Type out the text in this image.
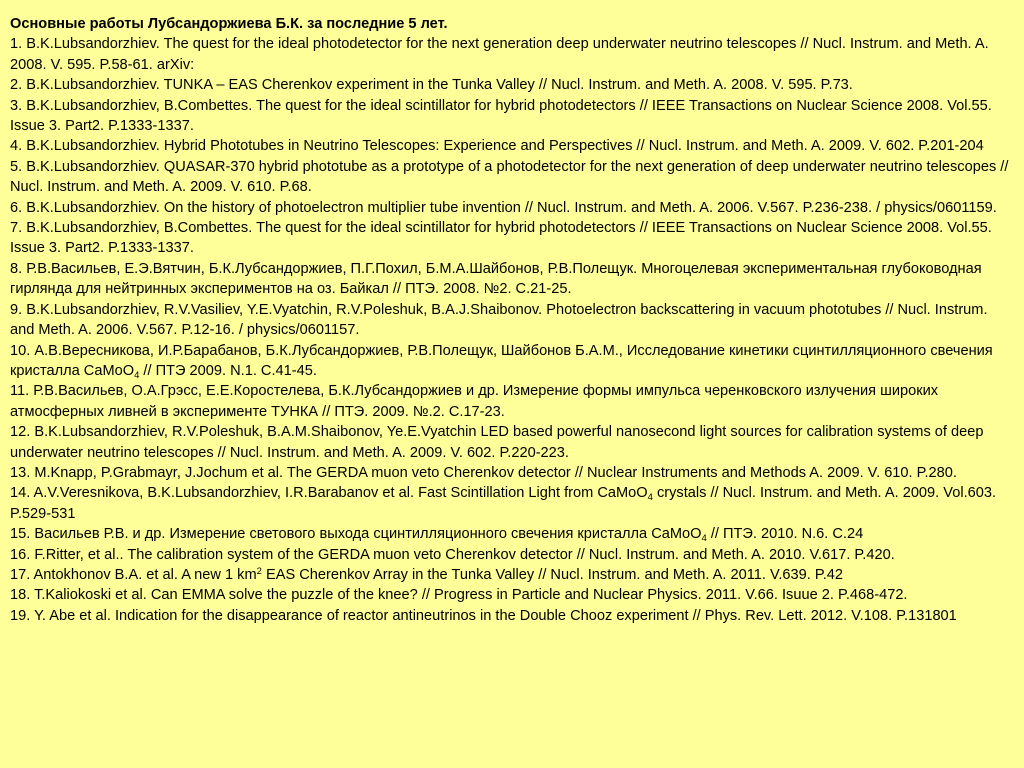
Основные работы Лубсандоржиева Б.К. за последние 5 лет.
1. B.K.Lubsandorzhiev. The quest for the ideal photodetector for the next generation deep underwater neutrino telescopes // Nucl. Instrum. and Meth. A. 2008. V. 595. P.58-61. arXiv:
2. B.K.Lubsandorzhiev. TUNKA – EAS Cherenkov experiment in the Tunka Valley // Nucl. Instrum. and Meth. A. 2008. V. 595. P.73.
3. B.K.Lubsandorzhiev, B.Combettes. The quest for the ideal scintillator for hybrid photodetectors // IEEE Transactions on Nuclear Science 2008. Vol.55. Issue 3. Part2. P.1333-1337.
4. B.K.Lubsandorzhiev. Hybrid Phototubes in Neutrino Telescopes: Experience and Perspectives // Nucl. Instrum. and Meth. A. 2009. V. 602. P.201-204
5. B.K.Lubsandorzhiev. QUASAR-370 hybrid phototube as a prototype of a photodetector for the next generation of deep underwater neutrino telescopes // Nucl. Instrum. and Meth. A. 2009. V. 610. P.68.
6. B.K.Lubsandorzhiev. On the history of photoelectron multiplier tube invention // Nucl. Instrum. and Meth. A. 2006. V.567. P.236-238. / physics/0601159.
7. B.K.Lubsandorzhiev, B.Combettes. The quest for the ideal scintillator for hybrid photodetectors // IEEE Transactions on Nuclear Science 2008. Vol.55. Issue 3. Part2. P.1333-1337.
8. Р.В.Васильев, Е.Э.Вятчин, Б.К.Лубсандоржиев, П.Г.Похил, Б.М.А.Шайбонов, Р.В.Полещук. Многоцелевая экспериментальная глубоководная гирлянда для нейтринных экспериментов на оз. Байкал // ПТЭ. 2008. №2. С.21-25.
9. B.K.Lubsandorzhiev, R.V.Vasiliev, Y.E.Vyatchin, R.V.Poleshuk, B.A.J.Shaibonov. Photoelectron backscattering in vacuum phototubes // Nucl. Instrum. and Meth. A. 2006. V.567. P.12-16. / physics/0601157.
10. А.В.Вересникова, И.Р.Барабанов, Б.К.Лубсандоржиев, Р.В.Полещук, Шайбонов Б.А.М., Исследование кинетики сцинтилляционного свечения кристалла CaMoO$_4$ // ПТЭ 2009. N.1. C.41-45.
11. Р.В.Васильев, О.А.Грэсс, Е.Е.Коростелева, Б.К.Лубсандоржиев и др. Измерение формы импульса черенковского излучения широких атмосферных ливней в эксперименте ТУНКА // ПТЭ. 2009. №.2. С.17-23.
12. B.K.Lubsandorzhiev, R.V.Poleshuk, B.A.M.Shaibonov, Ye.E.Vyatchin LED based powerful nanosecond light sources for calibration systems of deep underwater neutrino telescopes // Nucl. Instrum. and Meth. A. 2009. V. 602. P.220-223.
13. M.Knapp, P.Grabmayr, J.Jochum et al. The GERDA muon veto Cherenkov detector // Nuclear Instruments and Methods A. 2009. V. 610. P.280.
14. A.V.Veresnikova, B.K.Lubsandorzhiev, I.R.Barabanov et al. Fast Scintillation Light from CaMoO$_4$ crystals // Nucl. Instrum. and Meth. A. 2009. Vol.603. P.529-531
15. Васильев Р.В. и др. Измерение светового выхода сцинтилляционного свечения кристалла CaMoO$_4$ // ПТЭ. 2010. N.6. C.24
16. F.Ritter, et al.. The calibration system of the GERDA muon veto Cherenkov detector // Nucl. Instrum. and Meth. A. 2010. V.617. P.420.
17. Antokhonov B.A. et al. A new 1 $km^2$ EAS Cherenkov Array in the Tunka Valley // Nucl. Instrum. and Meth. A. 2011. V.639. P.42
18. T.Kaliokoski et al. Can EMMA solve the puzzle of the knee? // Progress in Particle and Nuclear Physics. 2011. V.66. Isuue 2. P.468-472.
19. Y. Abe et al. Indication for the disappearance of reactor antineutrinos in the Double Chooz experiment // Phys. Rev. Lett. 2012. V.108. P.131801
